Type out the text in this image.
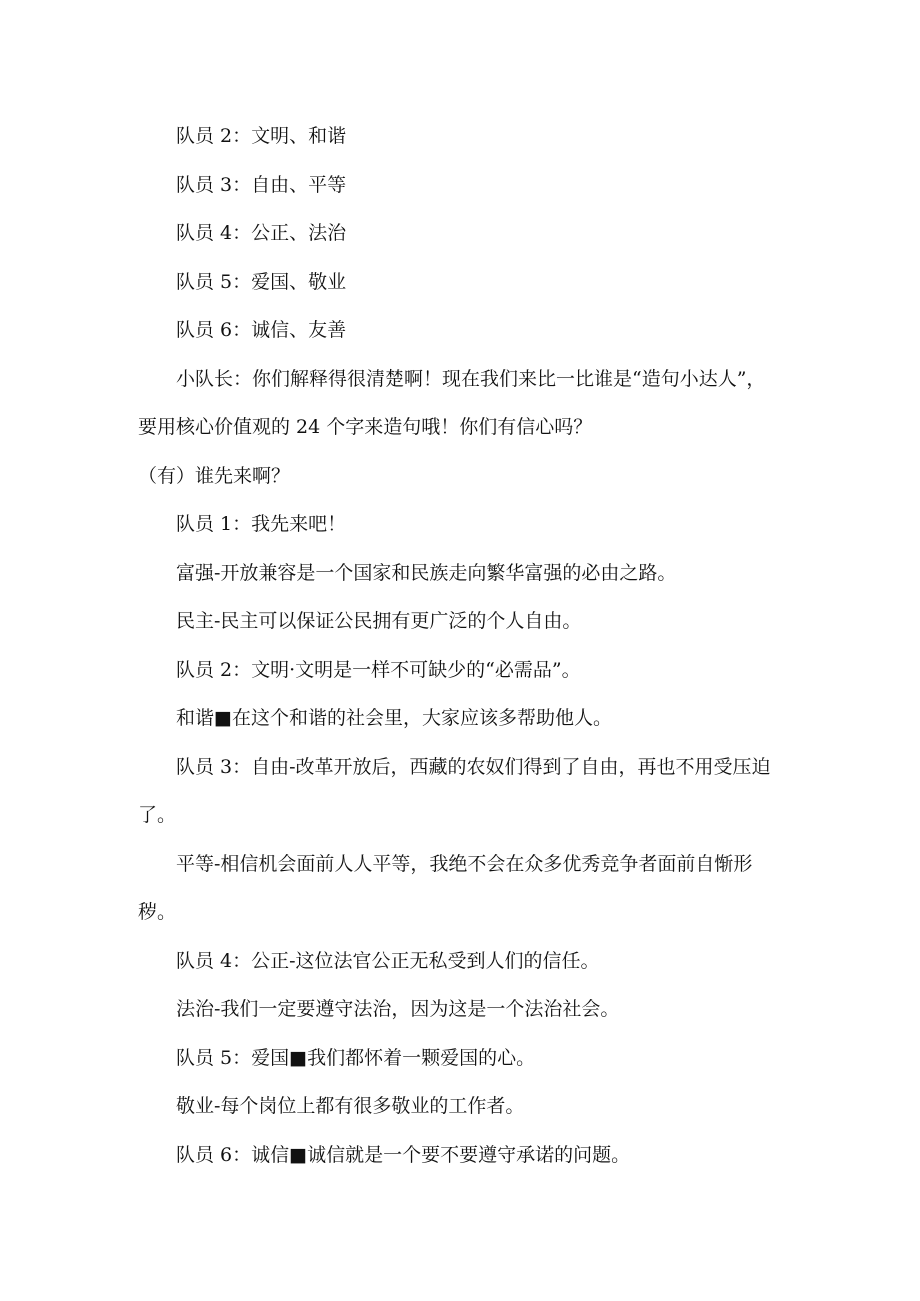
队员 2：文明、和谐

队员 3：自由、平等

队员 4：公正、法治

队员 5：爱国、敬业

队员 6：诚信、友善

小队长：你们解释得很清楚啊！现在我们来比一比谁是“造句小达人”，要用核心价值观的 24 个字来造句哦！你们有信心吗？

（有）谁先来啊？

队员 1：我先来吧！

富强-开放兼容是一个国家和民族走向繁华富强的必由之路。

民主-民主可以保证公民拥有更广泛的个人自由。

队员 2：文明·文明是一样不可缺少的“必需品”。

和谐■在这个和谐的社会里，大家应该多帮助他人。

队员 3：自由-改革开放后，西藏的农奴们得到了自由，再也不用受压迫了。

平等-相信机会面前人人平等，我绝不会在众多优秀竞争者面前自惭形秽。

队员 4：公正-这位法官公正无私受到人们的信任。

法治-我们一定要遵守法治，因为这是一个法治社会。

队员 5：爱国■我们都怀着一颗爱国的心。

敬业-每个岗位上都有很多敬业的工作者。

队员 6：诚信■诚信就是一个要不要遵守承诺的问题。
